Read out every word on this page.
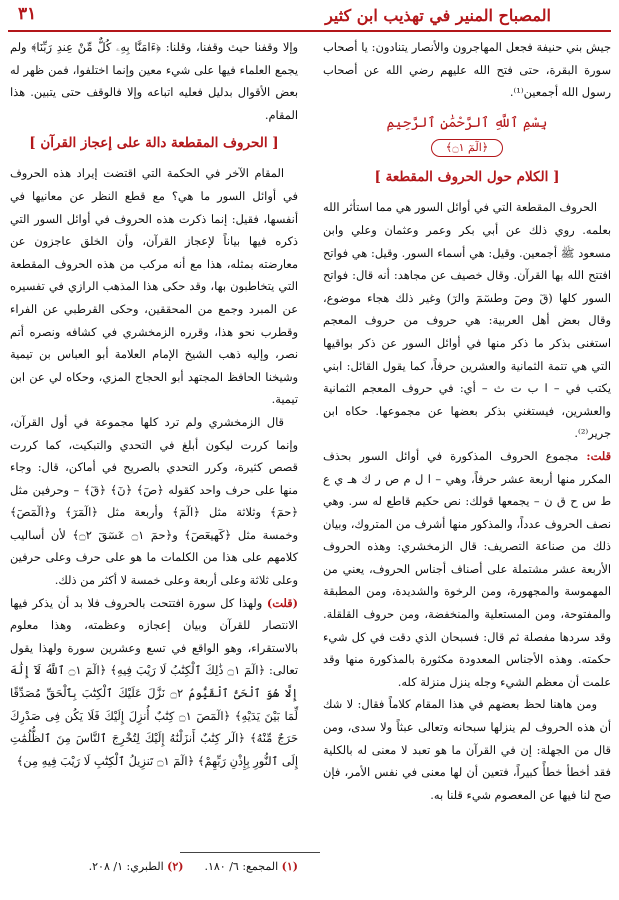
المصباح المنير في تهذيب ابن كثير
٣١

جيش بني حنيفة فجعل المهاجرون والأنصار يتنادون: يا أصحاب سورة البقرة، حتى فتح الله عليهم رضي الله عن أصحاب رسول الله أجمعين⁽¹⁾.

بِسْمِ ٱللَّهِ ٱلرَّحْمَٰنِ ٱلرَّحِيمِ
﴿الٓمٓ ۝١﴾
[ الكلام حول الحروف المقطعة ]

الحروف المقطعة التي في أوائل السور هي مما استأثر الله بعلمه. روي ذلك عن أبي بكر وعمر وعثمان وعلي وابن مسعود ﷺ أجمعين. وقيل: هي أسماء السور. وقيل: هي فواتح افتتح الله بها القرآن. وقال خصيف عن مجاهد: أنه قال: فواتح السور كلها (قٓ وصٓ وطسٓمٓ والرٓ) وغير ذلك هجاء موضوع، وقال بعض أهل العربية: هي حروف من حروف المعجم استغنى بذكر ما ذكر منها في أوائل السور عن ذكر بواقيها التي هي تتمة الثمانية والعشرين حرفاً، كما يقول القائل: ابني يكتب في – ا ب ت ث – أي: في حروف المعجم الثمانية والعشرين، فيستغني بذكر بعضها عن مجموعها. حكاه ابن جرير⁽²⁾.

قلت: مجموع الحروف المذكورة في أوائل السور بحذف المكرر منها أربعة عشر حرفاً، وهي – ا ل م ص ر ك هـ ي ع ط س ح ق ن – يجمعها قولك: نص حكيم قاطع له سر. وهي نصف الحروف عدداً، والمذكور منها أشرف من المتروك، وبيان ذلك من صناعة التصريف: قال الزمخشري: وهذه الحروف الأربعة عشر مشتملة على أصناف أجناس الحروف، يعني من المهموسة والمجهورة، ومن الرخوة والشديدة، ومن المطبقة والمفتوحة، ومن المستعلية والمنخفضة، ومن حروف القلقلة. وقد سردها مفصلة ثم قال: فسبحان الذي دقت في كل شيء حكمته. وهذه الأجناس المعدودة مكثورة بالمذكورة منها وقد علمت أن معظم الشيء وجله ينزل منزلة كله.

ومن هاهنا لحظ بعضهم في هذا المقام كلاماً فقال: لا شك أن هذه الحروف لم ينزلها سبحانه وتعالى عبثاً ولا سدى، ومن قال من الجهلة: إن في القرآن ما هو تعبد لا معنى له بالكلية فقد أخطأ خطأً كبيراً، فتعين أن لها معنى في نفس الأمر، فإن صح لنا فيها عن المعصوم شيء قلنا به.

وإلا وقفنا حيث وقفنا، وقلنا: ﴿ءَامَنَّا بِهِۦ كُلٌّ مِّنْ عِندِ رَبِّنَا﴾ ولم يجمع العلماء فيها على شيء معين وإنما اختلفوا، فمن ظهر له بعض الأقوال بدليل فعليه اتباعه وإلا فالوقف حتى يتبين. هذا المقام.

[ الحروف المقطعة دالة على إعجاز القرآن ]

المقام الآخر في الحكمة التي اقتضت إيراد هذه الحروف في أوائل السور ما هي؟ مع قطع النظر عن معانيها في أنفسها، فقيل: إنما ذكرت هذه الحروف في أوائل السور التي ذكره فيها بياناً لإعجاز القرآن، وأن الخلق عاجزون عن معارضته بمثله، هذا مع أنه مركب من هذه الحروف المقطعة التي يتخاطبون بها، وقد حكى هذا المذهب الرازي في تفسيره عن المبرد وجمع من المحققين، وحكى القرطبي عن الفراء وقطرب نحو هذا، وقرره الزمخشري في كشافه ونصره أتم نصر، وإليه ذهب الشيخ الإمام العلامة أبو العباس بن تيمية وشيخنا الحافظ المجتهد أبو الحجاج المزي، وحكاه لي عن ابن تيمية.

قال الزمخشري ولم ترد كلها مجموعة في أول القرآن، وإنما كررت ليكون أبلغ في التحدي والتبكيت، كما كررت قصص كثيرة، وكرر التحدي بالصريح في أماكن، قال: وجاء منها على حرف واحد كقوله ﴿صٓ﴾ ﴿نٓ﴾ ﴿قٓ﴾ – وحرفين مثل ﴿حمٓ﴾ وثلاثة مثل ﴿الٓمٓ﴾ وأربعة مثل ﴿الٓمٓرٓ﴾ و﴿الٓمٓصٓ﴾ وخمسة مثل ﴿كٓهيعٓصٓ﴾ و﴿حمٓ ۝١ عٓسٓقٓ ۝٢﴾ لأن أساليب كلامهم على هذا من الكلمات ما هو على حرف وعلى حرفين وعلى ثلاثة وعلى أربعة وعلى خمسة لا أكثر من ذلك.

(قلت) ولهذا كل سورة افتتحت بالحروف فلا بد أن يذكر فيها الانتصار للقرآن وبيان إعجازه وعظمته، وهذا معلوم بالاستقراء، وهو الواقع في تسع وعشرين سورة ولهذا يقول تعالى: ﴿الٓمٓ ۝١ ذَٰلِكَ ٱلْكِتَٰبُ لَا رَيْبَ فِيهِ﴾ ﴿الٓمٓ ۝١ ٱللَّهُ لَآ إِلَٰهَ إِلَّا هُوَ ٱلْحَىُّ ٱلْقَيُّومُ ۝٢ نَزَّلَ عَلَيْكَ ٱلْكِتَٰبَ بِٱلْحَقِّ مُصَدِّقًا لِّمَا بَيْنَ يَدَيْهِ﴾ ﴿الٓمٓصٓ ۝١ كِتَٰبٌ أُنزِلَ إِلَيْكَ فَلَا يَكُن فِى صَدْرِكَ حَرَجٌ مِّنْهُ﴾ ﴿الٓر كِتَٰبٌ أَنزَلْنَٰهُ إِلَيْكَ لِتُخْرِجَ ٱلنَّاسَ مِنَ ٱلظُّلُمَٰتِ إِلَى ٱلنُّورِ بِإِذْنِ رَبِّهِمْ﴾ ﴿الٓمٓ ۝١ تَنزِيلُ ٱلْكِتَٰبِ لَا رَيْبَ فِيهِ مِن﴾

(١) المجمع: ٦/ ١٨٠.      (٢) الطبري: ١/ ٢٠٨.
